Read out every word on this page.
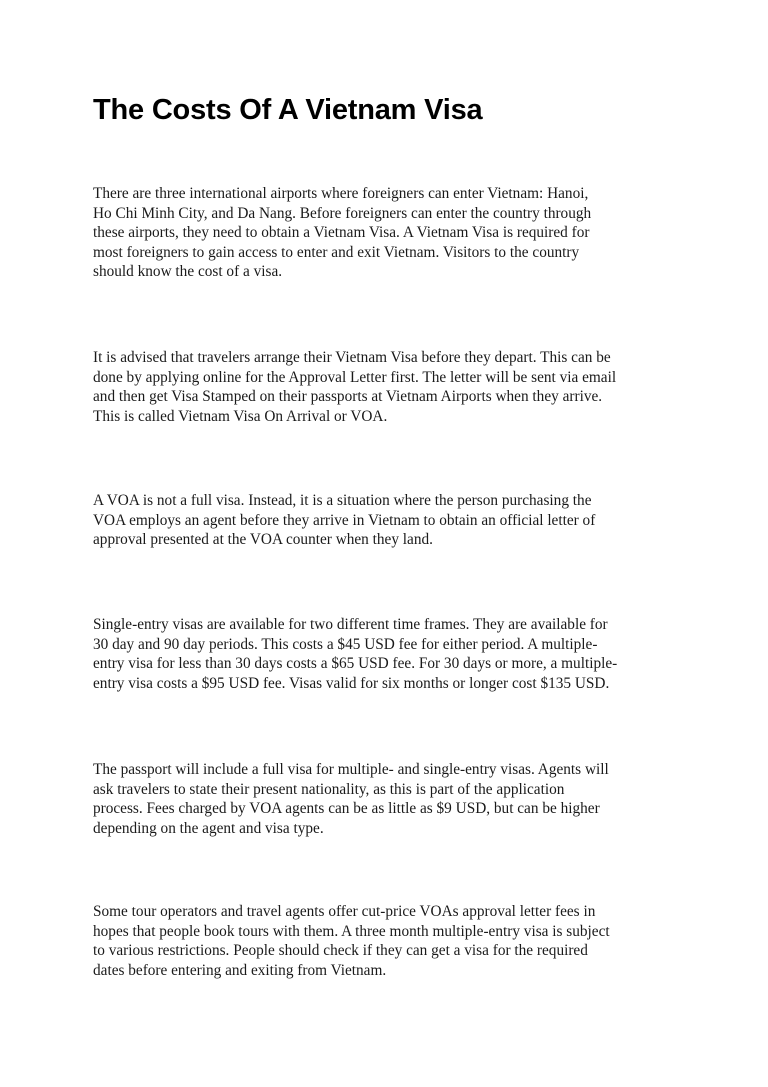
The Costs Of A Vietnam Visa

There are three international airports where foreigners can enter Vietnam: Hanoi,
Ho Chi Minh City, and Da Nang. Before foreigners can enter the country through
these airports, they need to obtain a Vietnam Visa. A Vietnam Visa is required for
most foreigners to gain access to enter and exit Vietnam. Visitors to the country
should know the cost of a visa.

It is advised that travelers arrange their Vietnam Visa before they depart. This can be
done by applying online for the Approval Letter first. The letter will be sent via email
and then get Visa Stamped on their passports at Vietnam Airports when they arrive.
This is called Vietnam Visa On Arrival or VOA.

A VOA is not a full visa. Instead, it is a situation where the person purchasing the
VOA employs an agent before they arrive in Vietnam to obtain an official letter of
approval presented at the VOA counter when they land.

Single-entry visas are available for two different time frames. They are available for
30 day and 90 day periods. This costs a $45 USD fee for either period. A multiple-
entry visa for less than 30 days costs a $65 USD fee. For 30 days or more, a multiple-
entry visa costs a $95 USD fee. Visas valid for six months or longer cost $135 USD.

The passport will include a full visa for multiple- and single-entry visas. Agents will
ask travelers to state their present nationality, as this is part of the application
process. Fees charged by VOA agents can be as little as $9 USD, but can be higher
depending on the agent and visa type.

Some tour operators and travel agents offer cut-price VOAs approval letter fees in
hopes that people book tours with them. A three month multiple-entry visa is subject
to various restrictions. People should check if they can get a visa for the required
dates before entering and exiting from Vietnam.
